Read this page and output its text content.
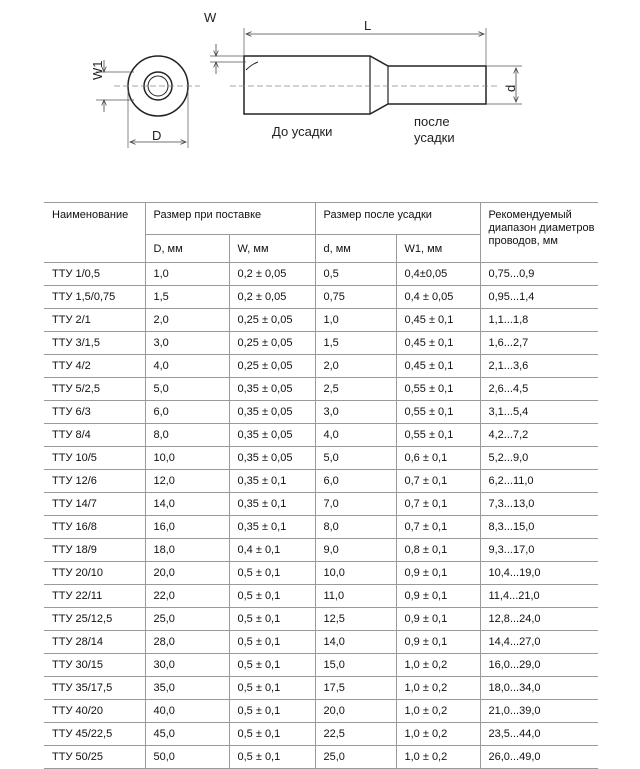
W
L
W1
D
d
До усадки
после усадки
Наименование	Размер при поставке		Размер после усадки		Рекомендуемый диапазон диаметров проводов, мм
	D, мм	W, мм	d, мм	W1, мм	
ТТУ 1/0,5	1,0	0,2 ± 0,05	0,5	0,4±0,05	0,75...0,9
ТТУ 1,5/0,75	1,5	0,2 ± 0,05	0,75	0,4 ± 0,05	0,95...1,4
ТТУ 2/1	2,0	0,25 ± 0,05	1,0	0,45 ± 0,1	1,1...1,8
ТТУ 3/1,5	3,0	0,25 ± 0,05	1,5	0,45 ± 0,1	1,6...2,7
ТТУ 4/2	4,0	0,25 ± 0,05	2,0	0,45 ± 0,1	2,1...3,6
ТТУ 5/2,5	5,0	0,35 ± 0,05	2,5	0,55 ± 0,1	2,6...4,5
ТТУ 6/3	6,0	0,35 ± 0,05	3,0	0,55 ± 0,1	3,1...5,4
ТТУ 8/4	8,0	0,35 ± 0,05	4,0	0,55 ± 0,1	4,2...7,2
ТТУ 10/5	10,0	0,35 ± 0,05	5,0	0,6 ± 0,1	5,2...9,0
ТТУ 12/6	12,0	0,35 ± 0,1	6,0	0,7 ± 0,1	6,2...11,0
ТТУ 14/7	14,0	0,35 ± 0,1	7,0	0,7 ± 0,1	7,3...13,0
ТТУ 16/8	16,0	0,35 ± 0,1	8,0	0,7 ± 0,1	8,3...15,0
ТТУ 18/9	18,0	0,4 ± 0,1	9,0	0,8 ± 0,1	9,3...17,0
ТТУ 20/10	20,0	0,5 ± 0,1	10,0	0,9 ± 0,1	10,4...19,0
ТТУ 22/11	22,0	0,5 ± 0,1	11,0	0,9 ± 0,1	11,4...21,0
ТТУ 25/12,5	25,0	0,5 ± 0,1	12,5	0,9 ± 0,1	12,8...24,0
ТТУ 28/14	28,0	0,5 ± 0,1	14,0	0,9 ± 0,1	14,4...27,0
ТТУ 30/15	30,0	0,5 ± 0,1	15,0	1,0 ± 0,2	16,0...29,0
ТТУ 35/17,5	35,0	0,5 ± 0,1	17,5	1,0 ± 0,2	18,0...34,0
ТТУ 40/20	40,0	0,5 ± 0,1	20,0	1,0 ± 0,2	21,0...39,0
ТТУ 45/22,5	45,0	0,5 ± 0,1	22,5	1,0 ± 0,2	23,5...44,0
ТТУ 50/25	50,0	0,5 ± 0,1	25,0	1,0 ± 0,2	26,0...49,0
